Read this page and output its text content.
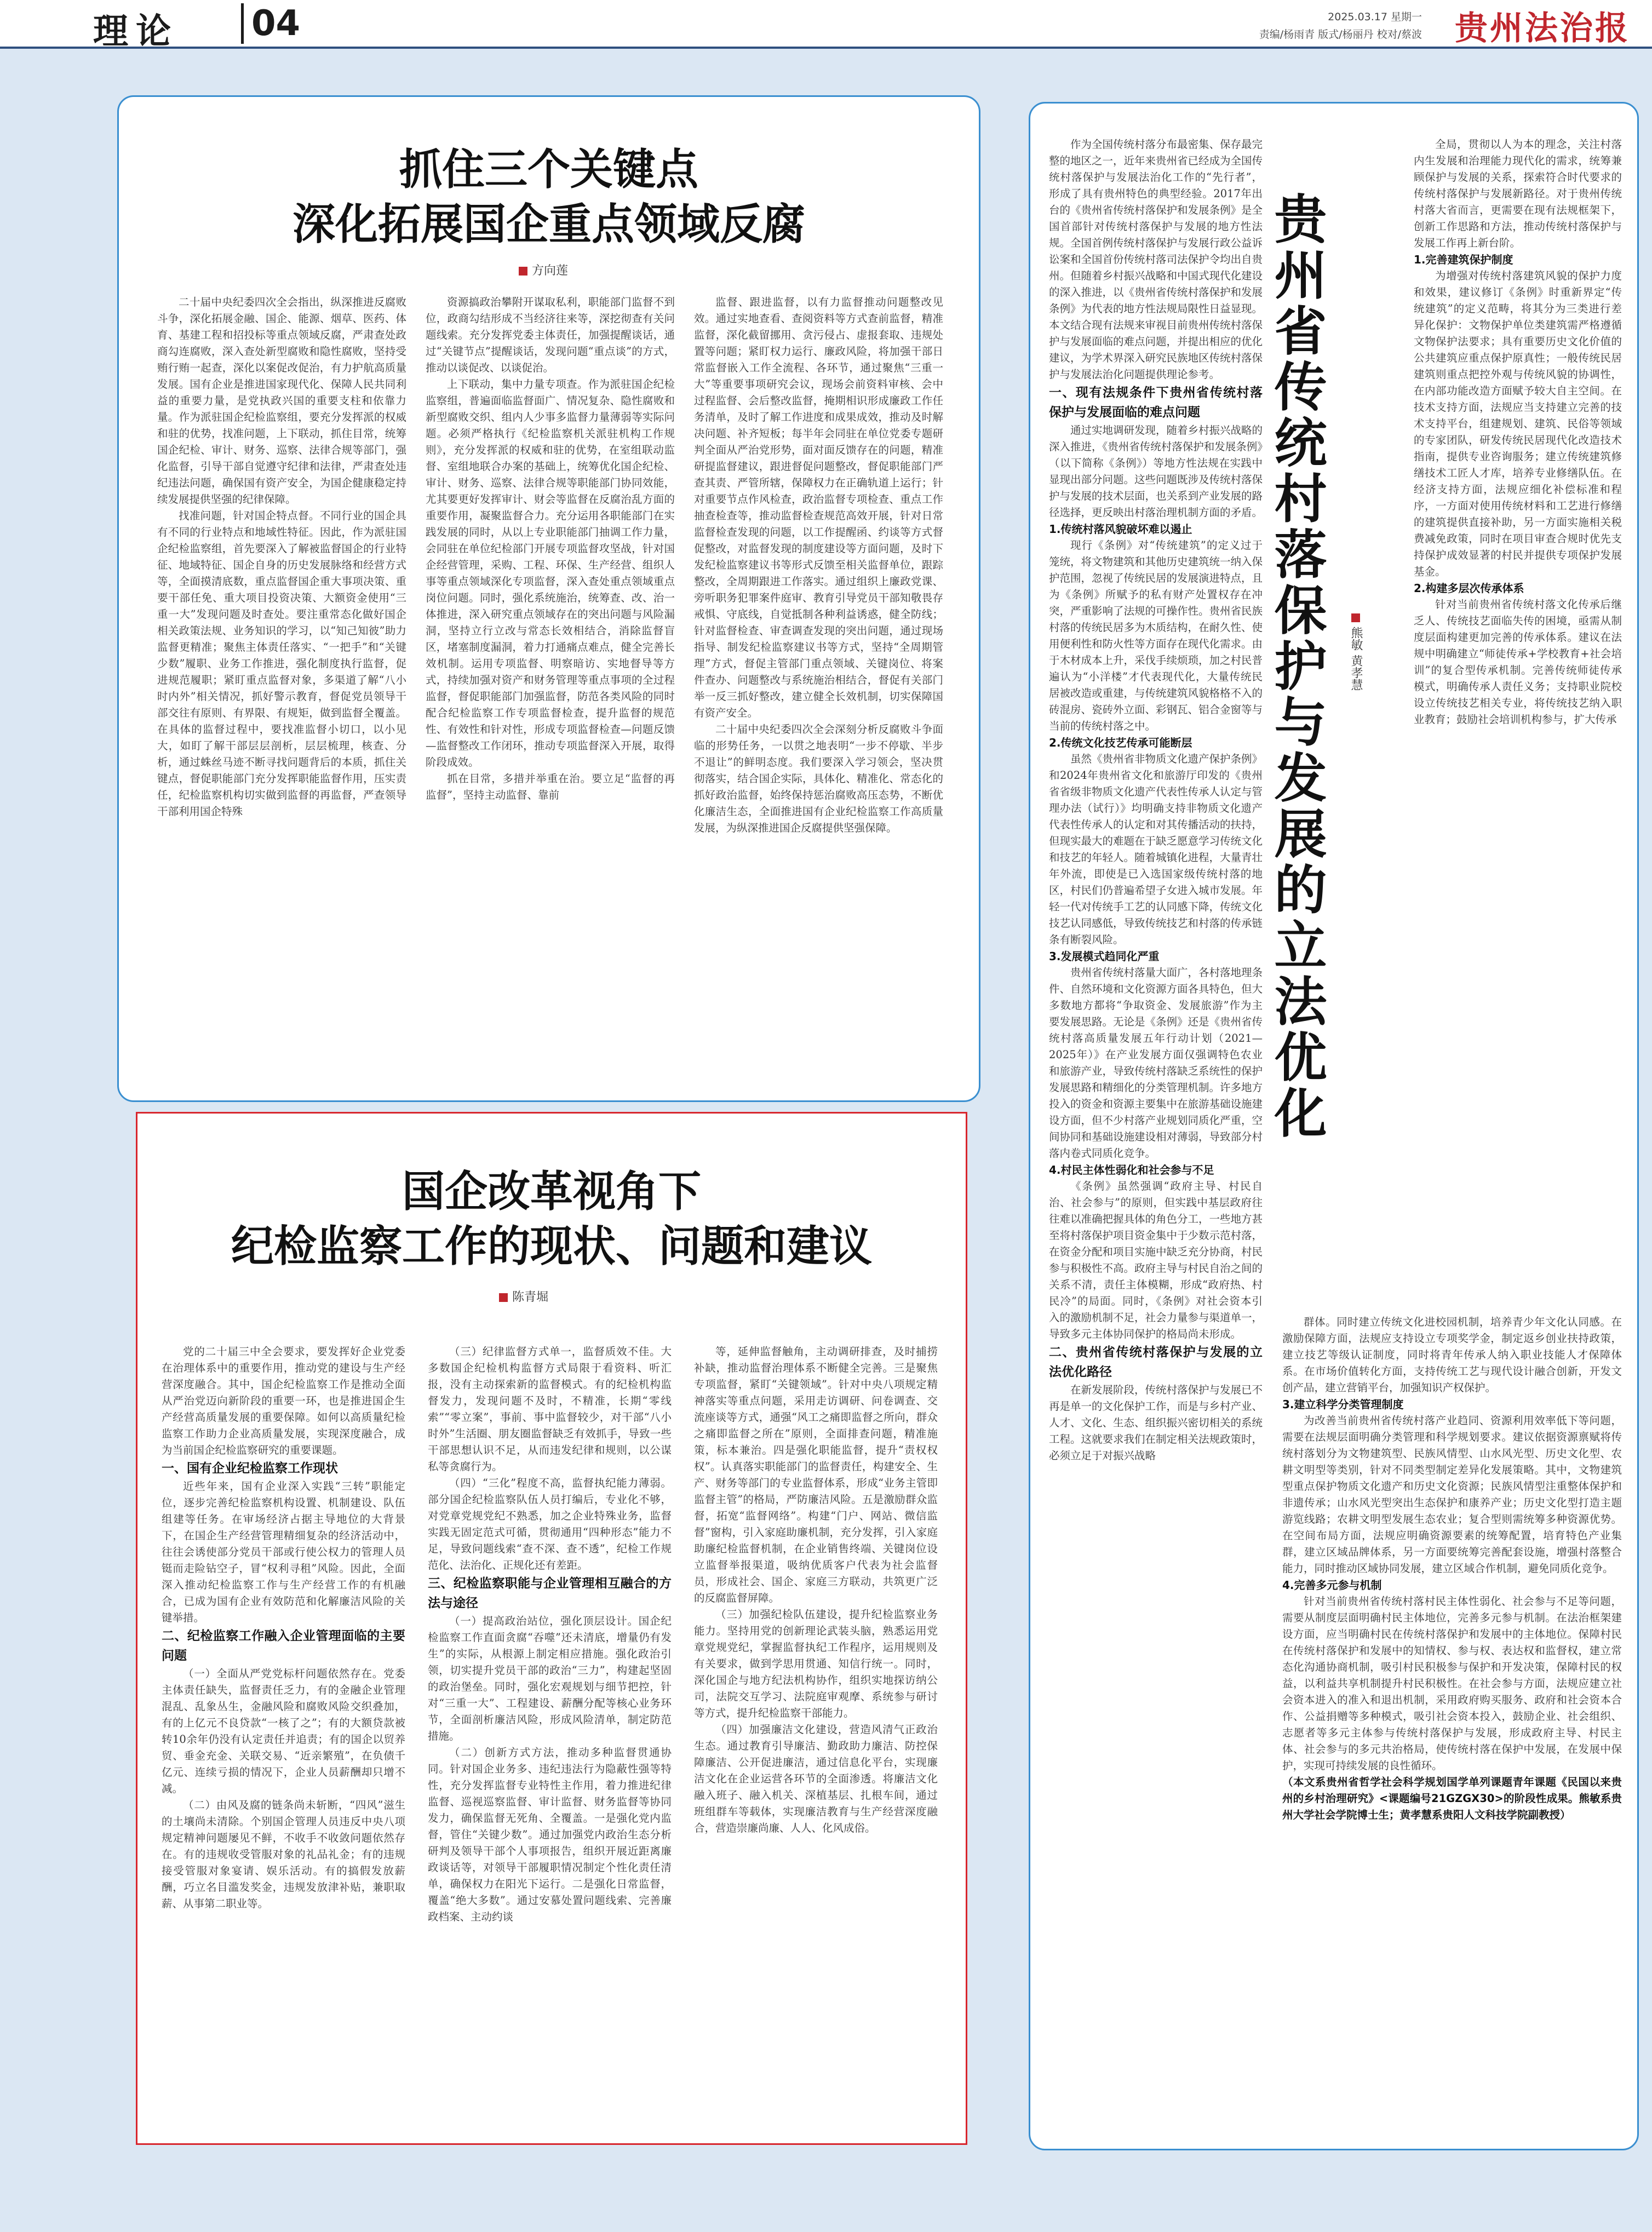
理论 04	2025.03.17 星期一
责编/杨雨青 版式/杨丽丹 校对/蔡波 贵州法治报
抓住三个关键点
深化拓展国企重点领域反腐
方向莲

二十届中央纪委四次全会指出，纵深推进反腐败斗争，深化拓展金融、国企、能源、烟草、医药、体育、基建工程和招投标等重点领域反腐，严肃查处政商勾连腐败，深入查处新型腐败和隐性腐败，坚持受贿行贿一起查，深化以案促改促治，有力护航高质量发展。国有企业是推进国家现代化、保障人民共同利益的重要力量，是党执政兴国的重要支柱和依靠力量。作为派驻国企纪检监察组，要充分发挥派的权威和驻的优势，找准问题，上下联动，抓住目常，统筹国企纪检、审计、财务、巡察、法律合规等部门，强化监督，引导干部自觉遵守纪律和法律，严肃查处违纪违法问题，确保国有资产安全，为国企健康稳定持续发展提供坚强的纪律保障。

找准问题，针对国企特点督。不同行业的国企具有不同的行业特点和地域性特征。因此，作为派驻国企纪检监察组，首先要深入了解被监督国企的行业特征、地域特征、国企自身的历史发展脉络和经营方式等，全面摸清底数，重点监督国企重大事项决策、重要干部任免、重大项目投资决策、大额资金使用“三重一大”发现问题及时查处。要注重常态化做好国企相关政策法规、业务知识的学习，以“知己知彼”助力监督更精准；聚焦主体责任落实、“一把手”和“关键少数”履职、业务工作推进，强化制度执行监督，促进规范履职；紧盯重点监督对象，多渠道了解“八小时内外”相关情况，抓好警示教育，督促党员领导干部交往有原则、有界限、有规矩，做到监督全覆盖。在具体的监督过程中，要找准监督小切口，以小见大，如盯了解干部层层剖析，层层梳理，核查、分析，通过蛛丝马迹不断寻找问题背后的本质，抓住关键点，督促职能部门充分发挥职能监督作用，压实责任，纪检监察机构切实做到监督的再监督，严查领导干部利用国企特殊

资源搞政治攀附开谋取私利，职能部门监督不到位，政商勾结形成不当经济往来等，深挖彻查有关问题线索。充分发挥党委主体责任，加强提醒谈话，通过“关键节点”提醒谈话，发现问题“重点谈”的方式，推动以谈促改、以谈促治。

上下联动，集中力量专项查。作为派驻国企纪检监察组，普遍面临监督面广、情况复杂、隐性腐败和新型腐败交织、组内人少事多监督力量薄弱等实际问题。必须严格执行《纪检监察机关派驻机构工作规则》，充分发挥派的权威和驻的优势，在室组联动监督、室组地联合办案的基础上，统筹优化国企纪检、审计、财务、巡察、法律合规等职能部门协同效能，尤其要更好发挥审计、财会等监督在反腐治乱方面的重要作用，凝聚监督合力。充分运用各职能部门在实践发展的同时，从以上专业职能部门抽调工作力量，会同驻在单位纪检部门开展专项监督攻坚战，针对国企经营管理，采购、工程、环保、生产经营、组织人事等重点领域深化专项监督，深入查处重点领域重点岗位问题。同时，强化系统施治，统筹查、改、治一体推进，深入研究重点领域存在的突出问题与风险漏洞，坚持立行立改与常态长效相结合，消除监督盲区，堵塞制度漏洞，着力打通痛点难点，健全完善长效机制。运用专项监督、明察暗访、实地督导等方式，持续加强对资产和财务管理等重点事项的全过程监督，督促职能部门加强监督，防范各类风险的同时配合纪检监察工作专项监督检查，提升监督的规范性、有效性和针对性，形成专项监督检查—问题反馈—监督整改工作闭环，推动专项监督深入开展，取得阶段成效。

抓在目常，多措并举重在治。要立足“监督的再监督”，坚持主动监督、靠前

监督、跟进监督，以有力监督推动问题整改见效。通过实地查看、查阅资料等方式查前监督，精准监督，深化截留挪用、贪污侵占、虚报套取、违规处置等问题；紧盯权力运行、廉政风险，将加强干部日常监督嵌入工作全流程、各环节，通过聚焦“三重一大”等重要事项研究会议，现场会前资料审核、会中过程监督、会后整改监督，掩期相识形成廉政工作任务清单，及时了解工作进度和成果成效，推动及时解决问题、补齐短板；每半年会同驻在单位党委专题研判全面从严治党形势，面对面反馈存在的问题，精准研提监督建议，跟进督促问题整改，督促职能部门严查其责、严管所辖，保障权力在正确轨道上运行；针对重要节点作风检查，政治监督专项检查、重点工作抽查检查等，推动监督检查规范高效开展，针对日常监督检查发现的问题，以工作提醒函、约谈等方式督促整改，对监督发现的制度建设等方面问题，及时下发纪检监察建议书等形式反馈至相关监督单位，跟踪整改，全周期跟进工作落实。通过组织上廉政党课、旁听职务犯罪案件庭审、教育引导党员干部知敬畏存戒惧、守底线，自觉抵制各种利益诱惑，健全防线；针对监督检查、审查调查发现的突出问题，通过现场指导、制发纪检监察建议书等方式，坚持“全周期管理”方式，督促主管部门重点领域、关键岗位、将案件查办、问题整改与系统施治相结合，督促有关部门举一反三抓好整改，建立健全长效机制，切实保障国有资产安全。

二十届中央纪委四次全会深刻分析反腐败斗争面临的形势任务，一以贯之地表明“一步不停歇、半步不退让”的鲜明态度。我们要深入学习领会，坚决贯彻落实，结合国企实际，具体化、精准化、常态化的抓好政治监督，始终保持惩治腐败高压态势，不断优化廉洁生态，全面推进国有企业纪检监察工作高质量发展，为纵深推进国企反腐提供坚强保障。

国企改革视角下
纪检监察工作的现状、问题和建议
陈青堀

党的二十届三中全会要求，要发挥好企业党委在治理体系中的重要作用，推动党的建设与生产经营深度融合。其中，国企纪检监察工作是推动全面从严治党迈向新阶段的重要一环，也是推进国企生产经营高质量发展的重要保障。如何以高质量纪检监察工作助力企业高质量发展，实现深度融合，成为当前国企纪检监察研究的重要课题。

一、国有企业纪检监察工作现状

近些年来，国有企业深入实践“三转”职能定位，逐步完善纪检监察机构设置、机制建设、队伍组建等任务。在审场经济占据主导地位的大背景下，在国企生产经营管理精细复杂的经济活动中，往往会诱使部分党员干部或行使公权力的管理人员铤而走险钻空子，冒“权利寻租”风险。因此，全面深入推动纪检监察工作与生产经营工作的有机融合，已成为国有企业有效防范和化解廉洁风险的关键举措。

二、纪检监察工作融入企业管理面临的主要问题

（一）全面从严党党标杆问题依然存在。党委主体责任缺失，监督责任乏力，有的金融企业管理混乱、乱象丛生，金融风险和腐败风险交织叠加，有的上亿元不良贷款“一核了之”；有的大额贷款被转10余年仍没有认定责任并追责；有的国企以贸养贸、垂金充金、关联交易、“近亲繁殖”，在负债千亿元、连续亏损的情况下，企业人员薪酬却只增不减。

（二）由风及腐的链条尚未斩断，“四风”滋生的土壤尚未清除。个别国企管理人员违反中央八项规定精神问题屡见不鲜，不收手不收敛问题依然存在。有的违规收受管服对象的礼品礼金；有的违规接受管服对象宴请、娱乐活动。有的搞假发放薪酬，巧立名目滥发奖金，违规发放津补贴，兼职取薪、从事第二职业等。

（三）纪律监督方式单一，监督质效不佳。大多数国企纪检机构监督方式局限于看资料、听汇报，没有主动探索新的监督模式。有的纪检机构监督发力，发现问题不及时，不精准，长期“零线索”“零立案”，事前、事中监督较少，对干部“八小时外”生活圈、朋友圈监督缺乏有效抓手，导致一些干部思想认识不足，从而违发纪律和规则，以公谋私等贪腐行为。

（四）“三化”程度不高，监督执纪能力薄弱。部分国企纪检监察队伍人员打编后，专业化不够，对党章党规党纪不熟悉，加之企业特殊业务，监督实践无固定范式可循，贯彻通用“四种形态”能力不足，导致问题线索“查不深、查不透”，纪检工作规范化、法治化、正规化还有差距。

三、纪检监察职能与企业管理相互融合的方法与途径

（一）提高政治站位，强化顶层设计。国企纪检监察工作直面贪腐“吞噬”还未清底，增量仍有发生”的实际，从根源上制定相应措施。强化政治引领，切实提升党员干部的政治“三力”，构建起坚固的政治堡垒。同时，强化宏观规划与细节把控，针对“三重一大”、工程建设、薪酬分配等核心业务环节，全面剖析廉洁风险，形成风险清单，制定防范措施。

（二）创新方式方法，推动多种监督贯通协同。针对国企业务多、违纪违法行为隐蔽性强等特性，充分发挥监督专业特性主作用，着力推进纪律监督、巡视巡察监督、审计监督、财务监督等协同发力，确保监督无死角、全覆盖。一是强化党内监督，管住“关键少数”。通过加强党内政治生态分析研判及领导干部个人事项报告，组织开展近距离廉政谈话等，对领导干部履职情况制定个性化责任清单，确保权力在阳光下运行。二是强化日常监督，覆盖“绝大多数”。通过安慕处置问题线索、完善廉政档案、主动约谈

等，延伸监督触角，主动调研排查，及时捕捞补缺，推动监督治理体系不断健全完善。三是聚焦专项监督，紧盯“关键领域”。针对中央八项规定精神落实等重点问题，采用走访调研、问卷调查、交流座谈等方式，通强“风工之痛即监督之所向，群众之痛即监督之所在”原则，全面排查问题，精准施策，标本兼治。四是强化职能监督，提升“责权权权”。认真落实职能部门的监督责任，构建安全、生产、财务等部门的专业监督体系，形成“业务主管即监督主管”的格局，严防廉洁风险。五是激励群众监督，拓宽“监督网络”。构建“门户、网站、微信监督”窗构，引入家庭助廉机制，充分发挥，引入家庭助廉纪检监督机制，在企业销售终端、关键岗位设立监督举报渠道，吸纳优质客户代表为社会监督员，形成社会、国企、家庭三方联动，共筑更广泛的反腐监督屏障。

（三）加强纪检队伍建设，提升纪检监察业务能力。坚持用党的创新理论武装头脑，熟悉运用党章党规党纪，掌握监督执纪工作程序，运用规则及有关要求，做到学思用贯通、知信行统一。同时，深化国企与地方纪法机构协作，组织实地探访纳公司，法院交互学习、法院庭审观摩、系统参与研讨等方式，提升纪检监察干部能力。

（四）加强廉洁文化建设，营造风清气正政治生态。通过教育引导廉洁、勤政助力廉洁、防控保障廉洁、公开促进廉洁，通过信息化平台，实现廉洁文化在企业运营各环节的全面渗透。将廉洁文化融入班子、融入机关、深植基层、扎根车间，通过班组群车等载体，实现廉洁教育与生产经营深度融合，营造崇廉尚廉、人人、化风成俗。

作为全国传统村落分布最密集、保存最完整的地区之一，近年来贵州省已经成为全国传统村落保护与发展法治化工作的“先行者”，形成了具有贵州特色的典型经验。2017年出台的《贵州省传统村落保护和发展条例》是全国首部针对传统村落保护与发展的地方性法规。全国首例传统村落保护与发展行政公益诉讼案和全国首份传统村落司法保护令均出自贵州。但随着乡村振兴战略和中国式现代化建设的深入推进，以《贵州省传统村落保护和发展条例》为代表的地方性法规局限性日益显现。本文结合现有法规来审视目前贵州传统村落保护与发展面临的难点问题，并提出相应的优化建议，为学术界深入研究民族地区传统村落保护与发展法治化问题提供理论参考。

一、现有法规条件下贵州省传统村落保护与发展面临的难点问题

通过实地调研发现，随着乡村振兴战略的深入推进，《贵州省传统村落保护和发展条例》（以下简称《条例》）等地方性法规在实践中显现出部分问题。这些问题既涉及传统村落保护与发展的技术层面，也关系到产业发展的路径选择，更反映出村落治理机制方面的矛盾。

1.传统村落风貌破坏难以遏止

现行《条例》对“传统建筑”的定义过于笼统，将文物建筑和其他历史建筑统一纳入保护范围，忽视了传统民居的发展演进特点，且为《条例》所赋予的私有财产处置权存在冲突，严重影响了法规的可操作性。贵州省民族村落的传统民居多为木质结构，在耐久性、使用便利性和防火性等方面存在现代化需求。由于木材成本上升，采伐手续烦琐，加之村民普遍认为“小洋楼”才代表现代化，大量传统民居被改造或重建，与传统建筑风貌格格不入的砖混房、瓷砖外立面、彩钢瓦、铝合金窗等与当前的传统村落之中。

2.传统文化技艺传承可能断层

虽然《贵州省非物质文化遗产保护条例》和2024年贵州省文化和旅游厅印发的《贵州省省级非物质文化遗产代表性传承人认定与管理办法（试行）》均明确支持非物质文化遗产代表性传承人的认定和对其传播活动的扶持，但现实最大的难题在于缺乏愿意学习传统文化和技艺的年轻人。随着城镇化进程，大量青壮年外流，即使是已入选国家级传统村落的地区，村民们仍普遍希望子女进入城市发展。年轻一代对传统手工艺的认同感下降，传统文化技艺认同感低，导致传统技艺和村落的传承链条有断裂风险。

3.发展模式趋同化严重

贵州省传统村落量大面广，各村落地理条件、自然环境和文化资源方面各具特色，但大多数地方都将“争取资金、发展旅游”作为主要发展思路。无论是《条例》还是《贵州省传统村落高质量发展五年行动计划（2021—2025年）》在产业发展方面仅强调特色农业和旅游产业，导致传统村落缺乏系统性的保护发展思路和精细化的分类管理机制。许多地方投入的资金和资源主要集中在旅游基础设施建设方面，但不少村落产业规划同质化严重，空间协同和基础设施建设相对薄弱，导致部分村落内卷式同质化竞争。

4.村民主体性弱化和社会参与不足

《条例》虽然强调“政府主导、村民自治、社会参与”的原则，但实践中基层政府往往难以准确把握具体的角色分工，一些地方甚至将村落保护项目资金集中于少数示范村落，在资金分配和项目实施中缺乏充分协商，村民参与积极性不高。政府主导与村民自治之间的关系不清，责任主体模糊，形成“政府热、村民冷”的局面。同时，《条例》对社会资本引入的激励机制不足，社会力量参与渠道单一，导致多元主体协同保护的格局尚未形成。

二、贵州省传统村落保护与发展的立法优化路径

在新发展阶段，传统村落保护与发展已不再是单一的文化保护工作，而是与乡村产业、人才、文化、生态、组织振兴密切相关的系统工程。这就要求我们在制定相关法规政策时，必须立足于对振兴战略

全局，贯彻以人为本的理念，关注村落内生发展和治理能力现代化的需求，统筹兼顾保护与发展的关系，探索符合时代要求的传统村落保护与发展新路径。对于贵州传统村落大省而言，更需要在现有法规框架下，创新工作思路和方法，推动传统村落保护与发展工作再上新台阶。

1.完善建筑保护制度

为增强对传统村落建筑风貌的保护力度和效果，建议修订《条例》时重新界定“传统建筑”的定义范畴，将其分为三类进行差异化保护：文物保护单位类建筑需严格遵循文物保护法要求；具有重要历史文化价值的公共建筑应重点保护原真性；一般传统民居建筑则重点把控外观与传统风貌的协调性，在内部功能改造方面赋予较大自主空间。在技术支持方面，法规应当支持建立完善的技术支持平台，组建规划、建筑、民俗等领域的专家团队，研发传统民居现代化改造技术指南，提供专业咨询服务；建立传统建筑修缮技术工匠人才库，培养专业修缮队伍。在经济支持方面，法规应细化补偿标准和程序，一方面对使用传统材料和工艺进行修缮的建筑提供直接补助，另一方面实施相关税费减免政策，同时在项目审查合规时优先支持保护成效显著的村民并提供专项保护发展基金。

2.构建多层次传承体系

针对当前贵州省传统村落文化传承后继乏人、传统技艺面临失传的困境，亟需从制度层面构建更加完善的传承体系。建议在法规中明确建立“师徒传承+学校教育+社会培训”的复合型传承机制。完善传统师徒传承模式，明确传承人责任义务；支持职业院校设立传统技艺相关专业，将传统技艺纳入职业教育；鼓励社会培训机构参与，扩大传承

群体。同时建立传统文化进校园机制，培养青少年文化认同感。在激励保障方面，法规应支持设立专项奖学金，制定返乡创业扶持政策，建立技艺等级认证制度，同时将青年传承人纳入职业技能人才保障体系。在市场价值转化方面，支持传统工艺与现代设计融合创新，开发文创产品，建立营销平台，加强知识产权保护。

3.建立科学分类管理制度

为改善当前贵州省传统村落产业趋同、资源利用效率低下等问题，需要在法规层面明确分类管理和科学规划要求。建议依据资源禀赋将传统村落划分为文物建筑型、民族风情型、山水风光型、历史文化型、农耕文明型等类别，针对不同类型制定差异化发展策略。其中，文物建筑型重点保护物质文化遗产和历史文化资源；民族风情型注重整体保护和非遗传承；山水风光型突出生态保护和康养产业；历史文化型打造主题游览线路；农耕文明型发展生态农业；复合型则需统筹多种资源优势。在空间布局方面，法规应明确资源要素的统筹配置，培育特色产业集群，建立区域品牌体系，另一方面要统筹完善配套设施，增强村落整合能力，同时推动区域协同发展，建立区域合作机制，避免同质化竞争。

4.完善多元参与机制

针对当前贵州省传统村落村民主体性弱化、社会参与不足等问题，需要从制度层面明确村民主体地位，完善多元参与机制。在法治框架建设方面，应当明确村民在传统村落保护和发展中的主体地位。保障村民在传统村落保护和发展中的知情权、参与权、表达权和监督权，建立常态化沟通协商机制，吸引村民积极参与保护和开发决策，保障村民的权益，以利益共享机制提升村民积极性。在社会参与方面，法规应建立社会资本进入的准入和退出机制，采用政府购买服务、政府和社会资本合作、公益捐赠等多种模式，吸引社会资本投入，鼓励企业、社会组织、志愿者等多元主体参与传统村落保护与发展，形成政府主导、村民主体、社会参与的多元共治格局，使传统村落在保护中发展，在发展中保护，实现可持续发展的良性循环。

（本文系贵州省哲学社会科学规划国学单列课题青年课题《民国以来贵州的乡村治理研究》<课题编号21GZGX30>的阶段性成果。熊敏系贵州大学社会学院博士生；黄孝慧系贵阳人文科技学院副教授）

贵州省传统村落保护与发展的立法优化	熊敏 黄孝慧
